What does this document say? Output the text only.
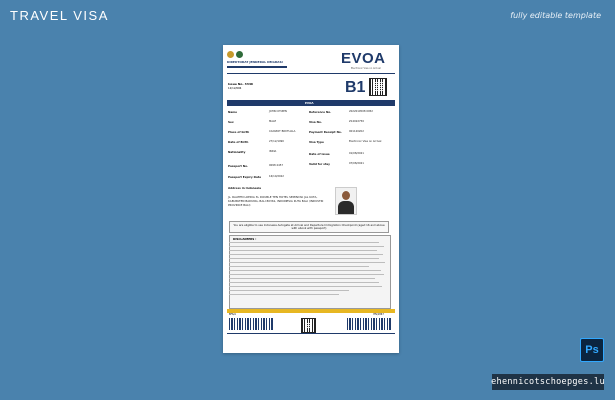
TRAVEL VISA	fully editable template
DIREKTORAT JENDERAL IMIGRASI	EVOA
Electronic Visa on Arrival
Issue No. 3346
12/12/606	B1
EVOA
Name	JOHN CITIZEN
Sex	MALE
Place of birth	CADIZOT BIDITUALA
Date of Birth	27/12/1990
Nationality	INDIA
Passport No.	0098 4457
Passport Expiry Date	16/10/2022
Reference No.	2022010508 0952
Visa No.	Z14022750
Payment Receipt No.	001120202
Visa Type	Electronic Visa on Arrival
Date of issue	01/08/2021
Valid for stay	07/08/2021
Address in Indonesia
JL. RAATEM LOEDIA 3L DOUBLE TEN HOTEL SEMINYAK JAL KUTA, KABUPATEN BADUNG, BALI 80361, INDONESIA KUTA BALI (INDUSTRI PROVINCE BALI)
You are eligible to use Indonesia Autogate at Arrival and Departure Immigration Checkpoint (aged 16 and above with ebook with passport)
DISCLAIMERS :
BF6/A	ITN/1867
Ps
ehennicotschoepges.lu
